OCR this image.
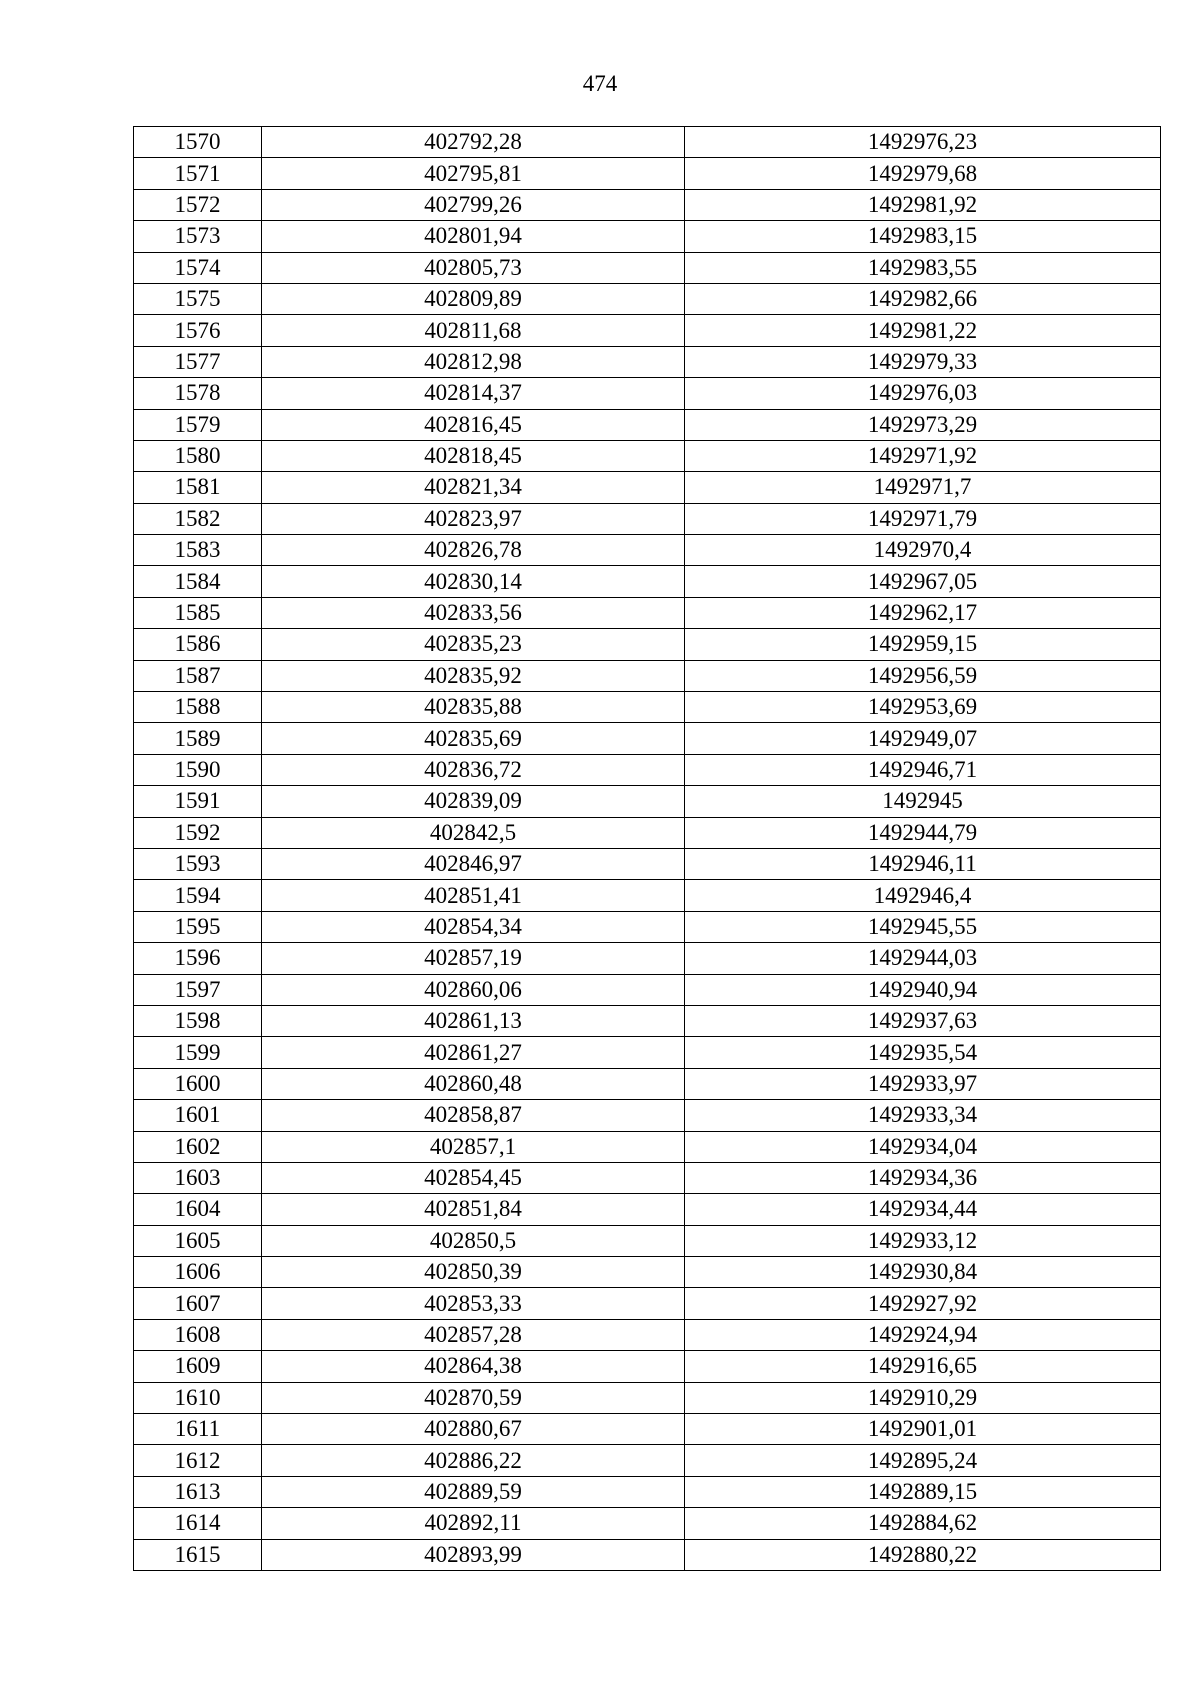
474
1570	402792,28	1492976,23
1571	402795,81	1492979,68
1572	402799,26	1492981,92
1573	402801,94	1492983,15
1574	402805,73	1492983,55
1575	402809,89	1492982,66
1576	402811,68	1492981,22
1577	402812,98	1492979,33
1578	402814,37	1492976,03
1579	402816,45	1492973,29
1580	402818,45	1492971,92
1581	402821,34	1492971,7
1582	402823,97	1492971,79
1583	402826,78	1492970,4
1584	402830,14	1492967,05
1585	402833,56	1492962,17
1586	402835,23	1492959,15
1587	402835,92	1492956,59
1588	402835,88	1492953,69
1589	402835,69	1492949,07
1590	402836,72	1492946,71
1591	402839,09	1492945
1592	402842,5	1492944,79
1593	402846,97	1492946,11
1594	402851,41	1492946,4
1595	402854,34	1492945,55
1596	402857,19	1492944,03
1597	402860,06	1492940,94
1598	402861,13	1492937,63
1599	402861,27	1492935,54
1600	402860,48	1492933,97
1601	402858,87	1492933,34
1602	402857,1	1492934,04
1603	402854,45	1492934,36
1604	402851,84	1492934,44
1605	402850,5	1492933,12
1606	402850,39	1492930,84
1607	402853,33	1492927,92
1608	402857,28	1492924,94
1609	402864,38	1492916,65
1610	402870,59	1492910,29
1611	402880,67	1492901,01
1612	402886,22	1492895,24
1613	402889,59	1492889,15
1614	402892,11	1492884,62
1615	402893,99	1492880,22
